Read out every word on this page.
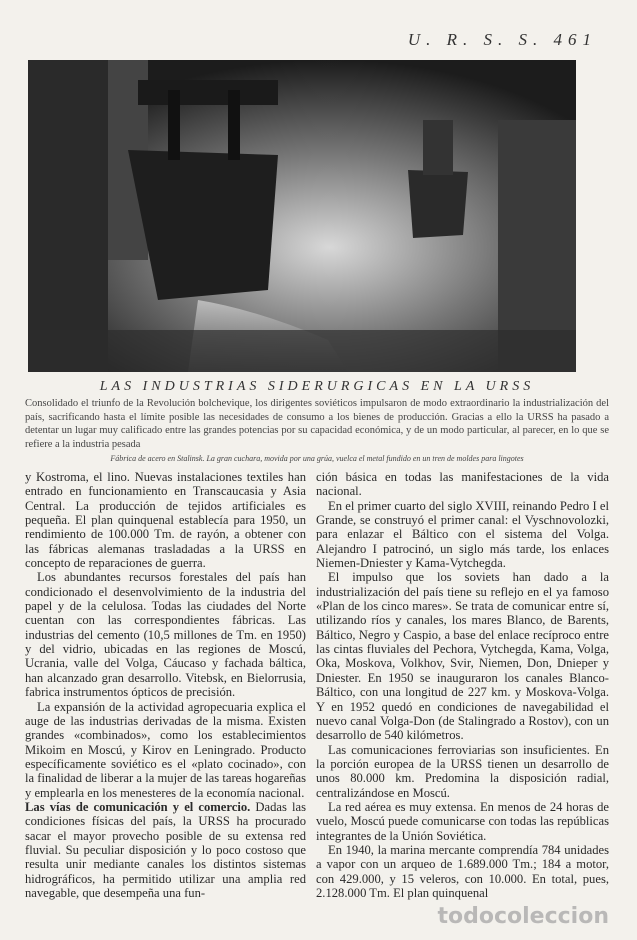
U. R. S. S. 461
LAS INDUSTRIAS SIDERURGICAS EN LA URSS

Consolidado el triunfo de la Revolución bolchevique, los dirigentes soviéticos impulsaron de modo extraordinario la industrialización del país, sacrificando hasta el límite posible las necesidades de consumo a los bienes de producción. Gracias a ello la URSS ha pasado a detentar un lugar muy calificado entre las grandes potencias por su capacidad económica, y de un modo particular, al parecer, en lo que se refiere a la industria pesada

Fábrica de acero en Stalinsk. La gran cuchara, movida por una grúa, vuelca el metal fundido en un tren de moldes para lingotes

y Kostroma, el lino. Nuevas instalaciones textiles han entrado en funcionamiento en Transcaucasia y Asia Central. La producción de tejidos artificiales es pequeña. El plan quinquenal establecía para 1950, un rendimiento de 100.000 Tm. de rayón, a obtener con las fábricas alemanas trasladadas a la URSS en concepto de reparaciones de guerra.

Los abundantes recursos forestales del país han condicionado el desenvolvimiento de la industria del papel y de la celulosa. Todas las ciudades del Norte cuentan con las correspondientes fábricas. Las industrias del cemento (10,5 millones de Tm. en 1950) y del vidrio, ubicadas en las regiones de Moscú, Ucrania, valle del Volga, Cáucaso y fachada báltica, han alcanzado gran desarrollo. Vitebsk, en Bielorrusia, fabrica instrumentos ópticos de precisión.

La expansión de la actividad agropecuaria explica el auge de las industrias derivadas de la misma. Existen grandes «combinados», como los establecimientos Mikoim en Moscú, y Kirov en Leningrado. Producto específicamente soviético es el «plato cocinado», con la finalidad de liberar a la mujer de las tareas hogareñas y emplearla en los menesteres de la economía nacional.

Las vías de comunicación y el comercio. Dadas las condiciones físicas del país, la URSS ha procurado sacar el mayor provecho posible de su extensa red fluvial. Su peculiar disposición y lo poco costoso que resulta unir mediante canales los distintos sistemas hidrográficos, ha permitido utilizar una amplia red navegable, que desempeña una fun-

ción básica en todas las manifestaciones de la vida nacional.

En el primer cuarto del siglo XVIII, reinando Pedro I el Grande, se construyó el primer canal: el Vyschnovolozki, para enlazar el Báltico con el sistema del Volga. Alejandro I patrocinó, un siglo más tarde, los enlaces Niemen-Dniester y Kama-Vytchegda.

El impulso que los soviets han dado a la industrialización del país tiene su reflejo en el ya famoso «Plan de los cinco mares». Se trata de comunicar entre sí, utilizando ríos y canales, los mares Blanco, de Barents, Báltico, Negro y Caspio, a base del enlace recíproco entre las cintas fluviales del Pechora, Vytchegda, Kama, Volga, Oka, Moskova, Volkhov, Svir, Niemen, Don, Dnieper y Dniester. En 1950 se inauguraron los canales Blanco-Báltico, con una longitud de 227 km. y Moskova-Volga. Y en 1952 quedó en condiciones de navegabilidad el nuevo canal Volga-Don (de Stalingrado a Rostov), con un desarrollo de 540 kilómetros.

Las comunicaciones ferroviarias son insuficientes. En la porción europea de la URSS tienen un desarrollo de unos 80.000 km. Predomina la disposición radial, centralizándose en Moscú.

La red aérea es muy extensa. En menos de 24 horas de vuelo, Moscú puede comunicarse con todas las repúblicas integrantes de la Unión Soviética.

En 1940, la marina mercante comprendía 784 unidades a vapor con un arqueo de 1.689.000 Tm.; 184 a motor, con 429.000, y 15 veleros, con 10.000. En total, pues, 2.128.000 Tm. El plan quinquenal

todocoleccion
